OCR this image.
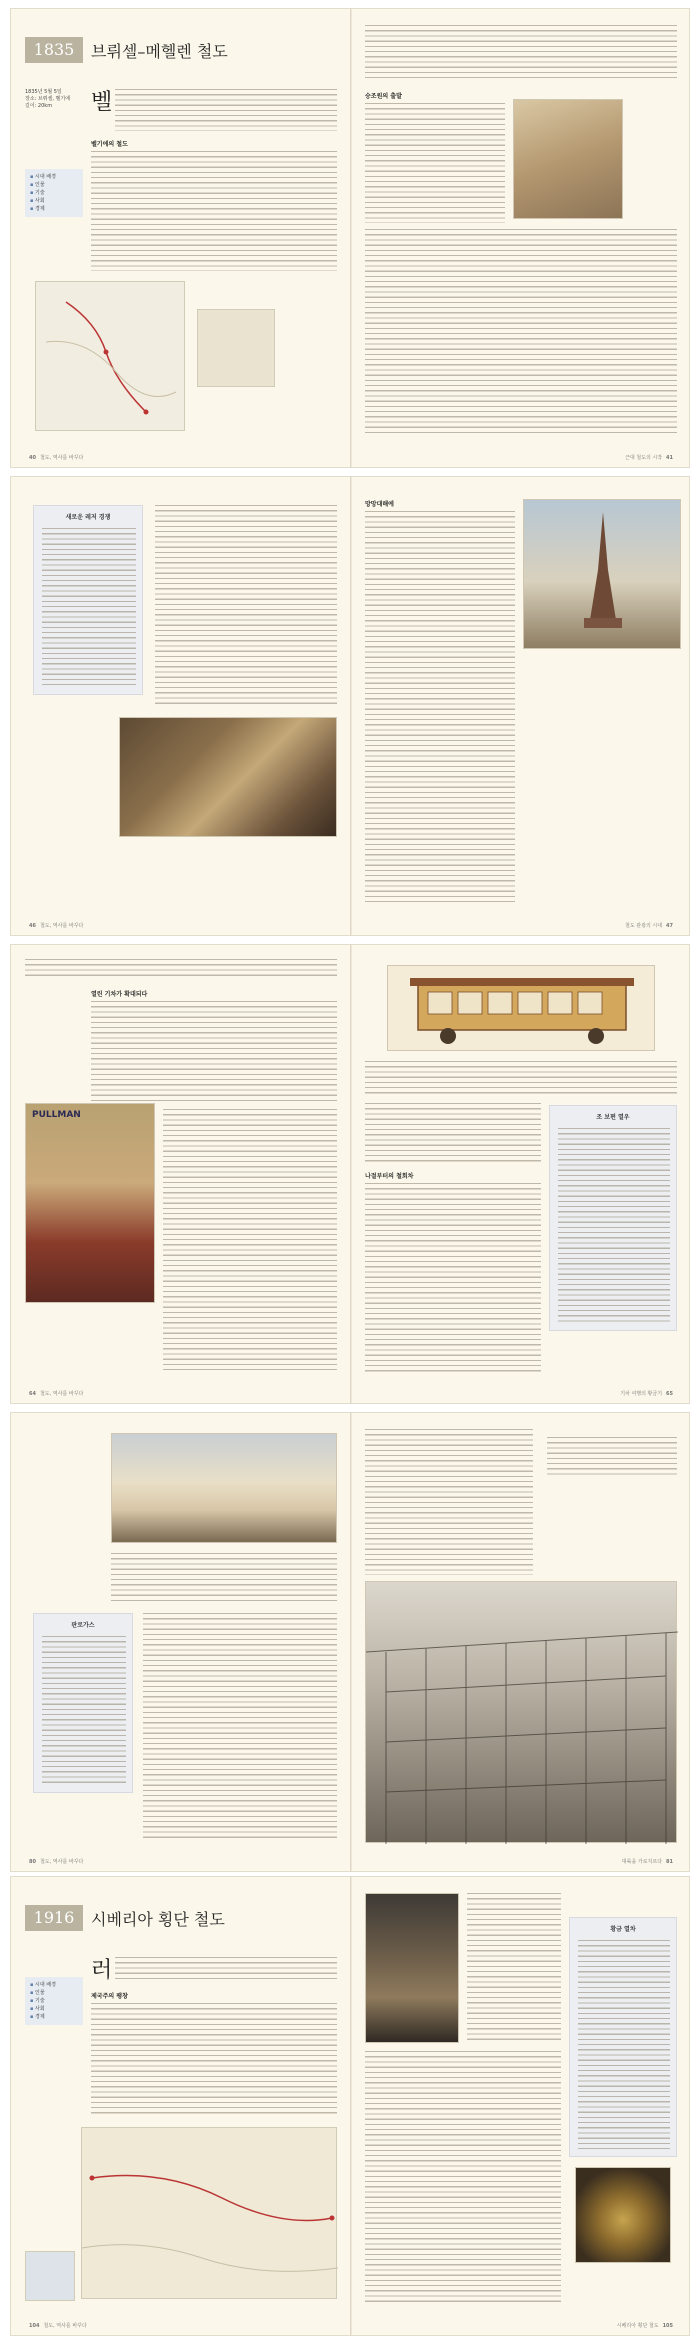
1835	브뤼셀–메헬렌 철도
1835년 5월 5일
장소: 브뤼셀, 벨기에
길이: 20km
▪ 시대 배경
▪ 인물
▪ 기술
▪ 사회
▪ 경제
벨
벨기에의 철도
40 철도, 역사를 바꾸다
승조원의 출발
근대 철도의 시작 41
새로운 레저 경쟁
46 철도, 역사를 바꾸다
망망대해에
철도 관광의 시대 47
열린 기차가 확대되다
PULLMAN
64 철도, 역사를 바꾸다
나절부터의 철회차
조 보편 열우
기차 여행의 황금기 65
판로가스
80 철도, 역사를 바꾸다	대륙을 가로지르다 81
1916	시베리아 횡단 철도
▪ 시대 배경
▪ 인물
▪ 기술
▪ 사회
▪ 경제
러
제국주의 팽창
104 철도, 역사를 바꾸다
황금 열차
시베리아 횡단 철도 105
